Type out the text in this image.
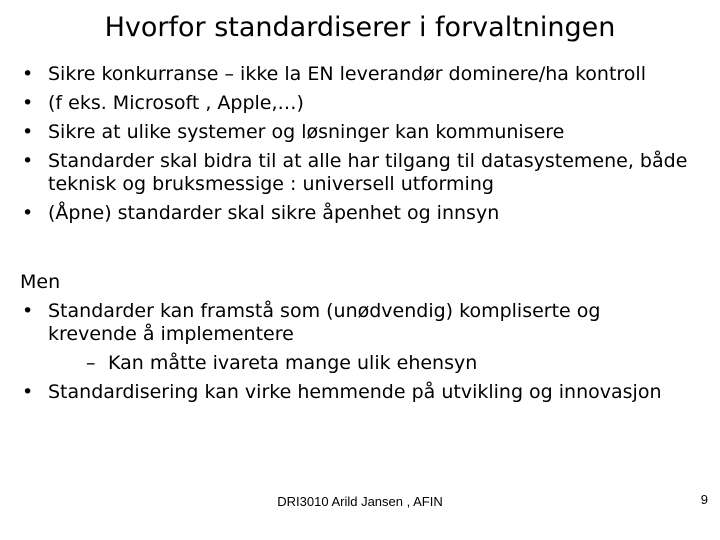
Hvorfor standardiserer i forvaltningen
• Sikre konkurranse – ikke la EN leverandør dominere/ha kontroll
• (f eks. Microsoft , Apple,…)
• Sikre at ulike systemer og løsninger kan kommunisere
• Standarder skal bidra til at alle har tilgang til datasystemene, både teknisk og bruksmessige : universell utforming
• (Åpne) standarder skal sikre åpenhet og innsyn
Men
• Standarder kan framstå som (unødvendig) kompliserte og krevende å implementere
– Kan måtte ivareta mange ulik ehensyn
• Standardisering kan virke hemmende på utvikling og innovasjon
DRI3010 Arild Jansen , AFIN	9
